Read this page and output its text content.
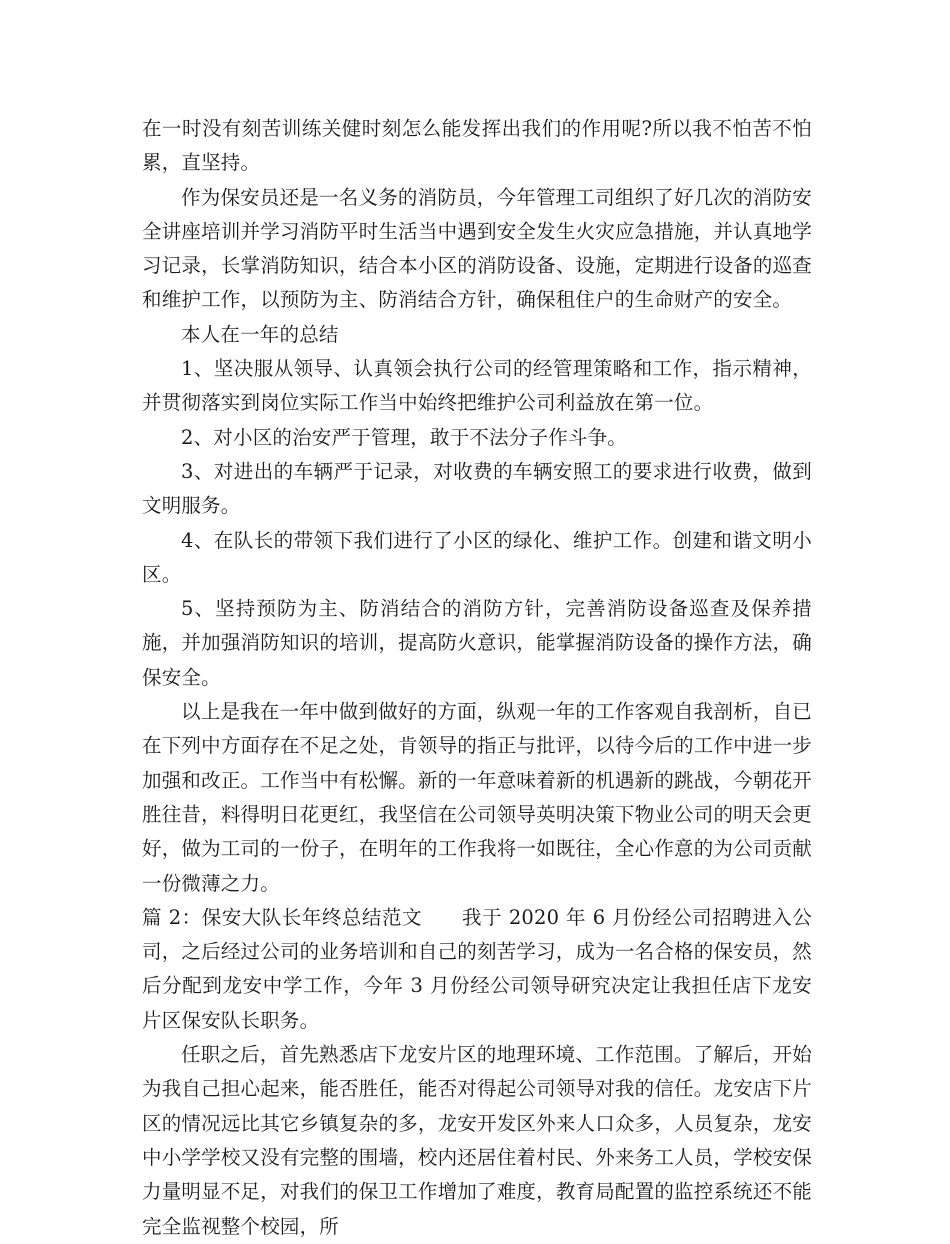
在一时没有刻苦训练关健时刻怎么能发挥出我们的作用呢?所以我不怕苦不怕累，直坚持。

作为保安员还是一名义务的消防员，今年管理工司组织了好几次的消防安全讲座培训并学习消防平时生活当中遇到安全发生火灾应急措施，并认真地学习记录，长掌消防知识，结合本小区的消防设备、设施，定期进行设备的巡查和维护工作，以预防为主、防消结合方针，确保租住户的生命财产的安全。

本人在一年的总结

1、坚决服从领导、认真领会执行公司的经管理策略和工作，指示精神，并贯彻落实到岗位实际工作当中始终把维护公司利益放在第一位。

2、对小区的治安严于管理，敢于不法分子作斗争。

3、对进出的车辆严于记录，对收费的车辆安照工的要求进行收费，做到文明服务。

4、在队长的带领下我们进行了小区的绿化、维护工作。创建和谐文明小区。

5、坚持预防为主、防消结合的消防方针，完善消防设备巡查及保养措施，并加强消防知识的培训，提高防火意识，能掌握消防设备的操作方法，确保安全。

以上是我在一年中做到做好的方面，纵观一年的工作客观自我剖析，自已在下列中方面存在不足之处，肯领导的指正与批评，以待今后的工作中进一步加强和改正。工作当中有松懈。新的一年意味着新的机遇新的跳战，今朝花开胜往昔，料得明日花更红，我坚信在公司领导英明决策下物业公司的明天会更好，做为工司的一份子，在明年的工作我将一如既往，全心作意的为公司贡献一份微薄之力。

篇 2：保安大队长年终总结范文　　我于 2020 年 6 月份经公司招聘进入公司，之后经过公司的业务培训和自己的刻苦学习，成为一名合格的保安员，然后分配到龙安中学工作，今年 3 月份经公司领导研究决定让我担任店下龙安片区保安队长职务。

任职之后，首先熟悉店下龙安片区的地理环境、工作范围。了解后，开始为我自己担心起来，能否胜任，能否对得起公司领导对我的信任。龙安店下片区的情况远比其它乡镇复杂的多，龙安开发区外来人口众多，人员复杂，龙安中小学学校又没有完整的围墙，校内还居住着村民、外来务工人员，学校安保力量明显不足，对我们的保卫工作增加了难度，教育局配置的监控系统还不能完全监视整个校园，所
